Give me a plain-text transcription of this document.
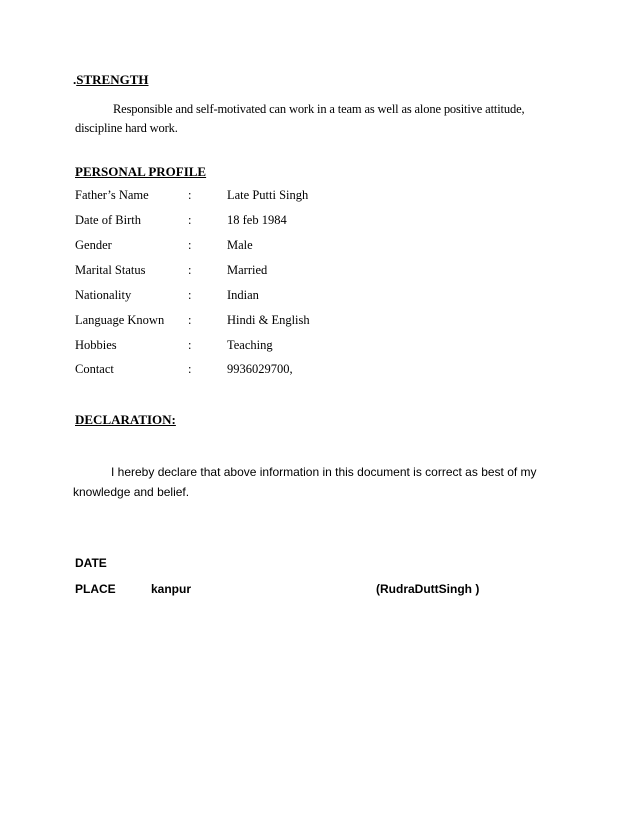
.STRENGTH
Responsible and self-motivated can work in a team as well as alone positive attitude, discipline hard work.
PERSONAL PROFILE
Father’s Name	:	Late Putti Singh
Date of Birth	:	18 feb 1984
Gender	:	Male
Marital Status	:	Married
Nationality	:	Indian
Language Known :	Hindi & English
Hobbies	:	Teaching
Contact	:	9936029700,
DECLARATION:
I hereby declare that above information in this document is correct as best of my knowledge and belief.
DATE
PLACE	kanpur	(RudraDuttSingh )
